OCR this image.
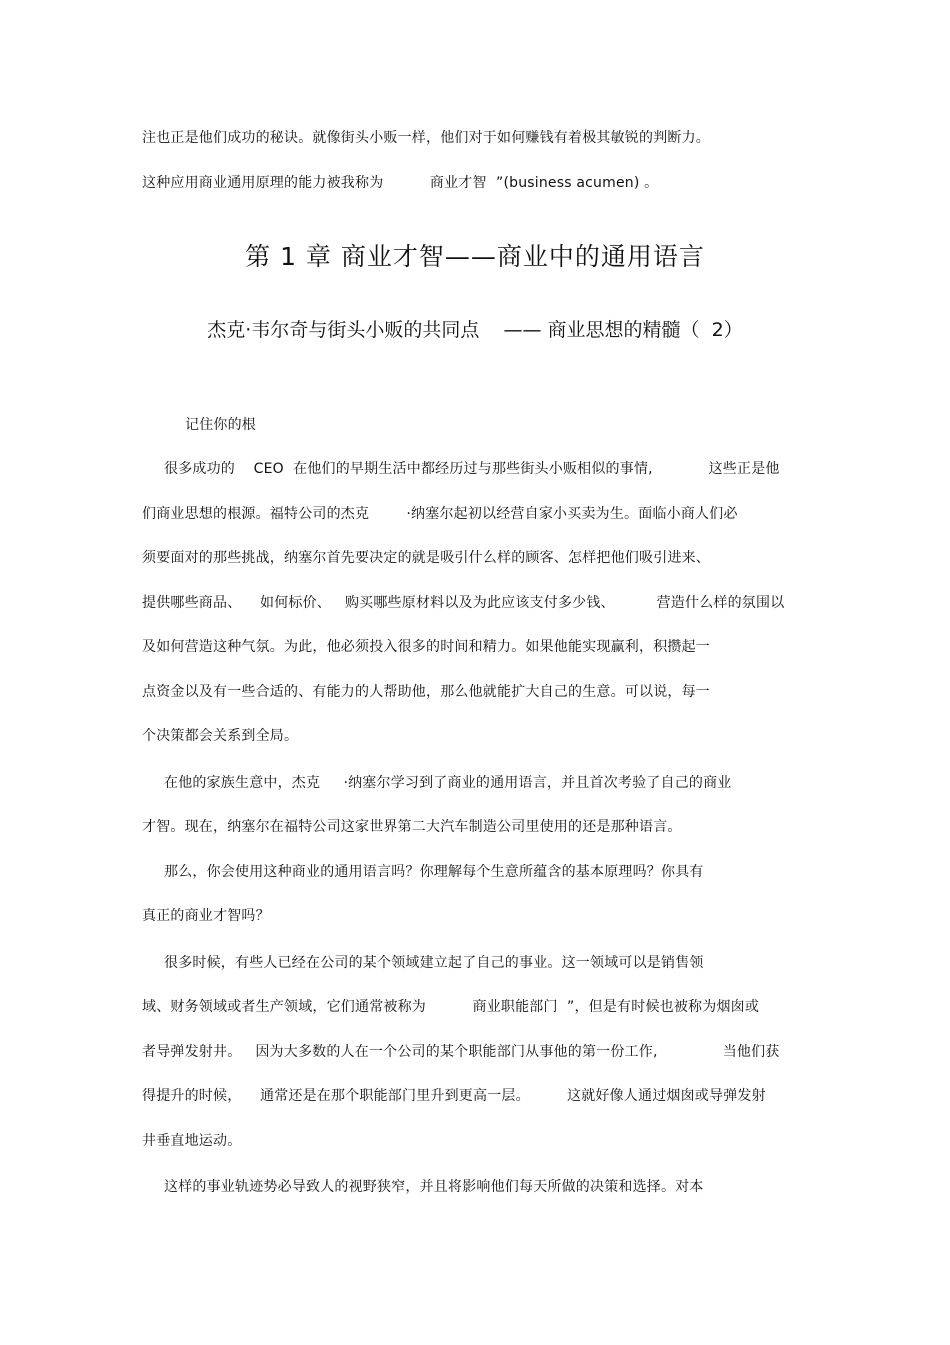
注也正是他们成功的秘诀。就像街头小贩一样，他们对于如何赚钱有着极其敏锐的判断力。
这种应用商业通用原理的能力被我称为          商业才智  ”(business acumen) 。
第 1 章 商业才智——商业中的通用语言
杰克·韦尔奇与街头小贩的共同点    —— 商业思想的精髓（  2）
记住你的根
很多成功的    CEO  在他们的早期生活中都经历过与那些街头小贩相似的事情,            这些正是他
们商业思想的根源。福特公司的杰克        ·纳塞尔起初以经营自家小买卖为生。面临小商人们必
须要面对的那些挑战，纳塞尔首先要决定的就是吸引什么样的顾客、怎样把他们吸引进来、
提供哪些商品、    如何标价、   购买哪些原材料以及为此应该支付多少钱、         营造什么样的氛围以
及如何营造这种气氛。为此，他必须投入很多的时间和精力。如果他能实现赢利，积攒起一
点资金以及有一些合适的、有能力的人帮助他，那么他就能扩大自己的生意。可以说，每一
个决策都会关系到全局。
在他的家族生意中，杰克     ·纳塞尔学习到了商业的通用语言，并且首次考验了自己的商业
才智。现在，纳塞尔在福特公司这家世界第二大汽车制造公司里使用的还是那种语言。
那么，你会使用这种商业的通用语言吗？你理解每个生意所蕴含的基本原理吗？你具有
真正的商业才智吗？
很多时候，有些人已经在公司的某个领域建立起了自己的事业。这一领域可以是销售领
域、财务领域或者生产领域，它们通常被称为          商业职能部门  ”，但是有时候也被称为烟囱或
者导弹发射井。   因为大多数的人在一个公司的某个职能部门从事他的第一份工作,              当他们获
得提升的时候，    通常还是在那个职能部门里升到更高一层。        这就好像人通过烟囱或导弹发射
井垂直地运动。
这样的事业轨迹势必导致人的视野狭窄，并且将影响他们每天所做的决策和选择。对本
